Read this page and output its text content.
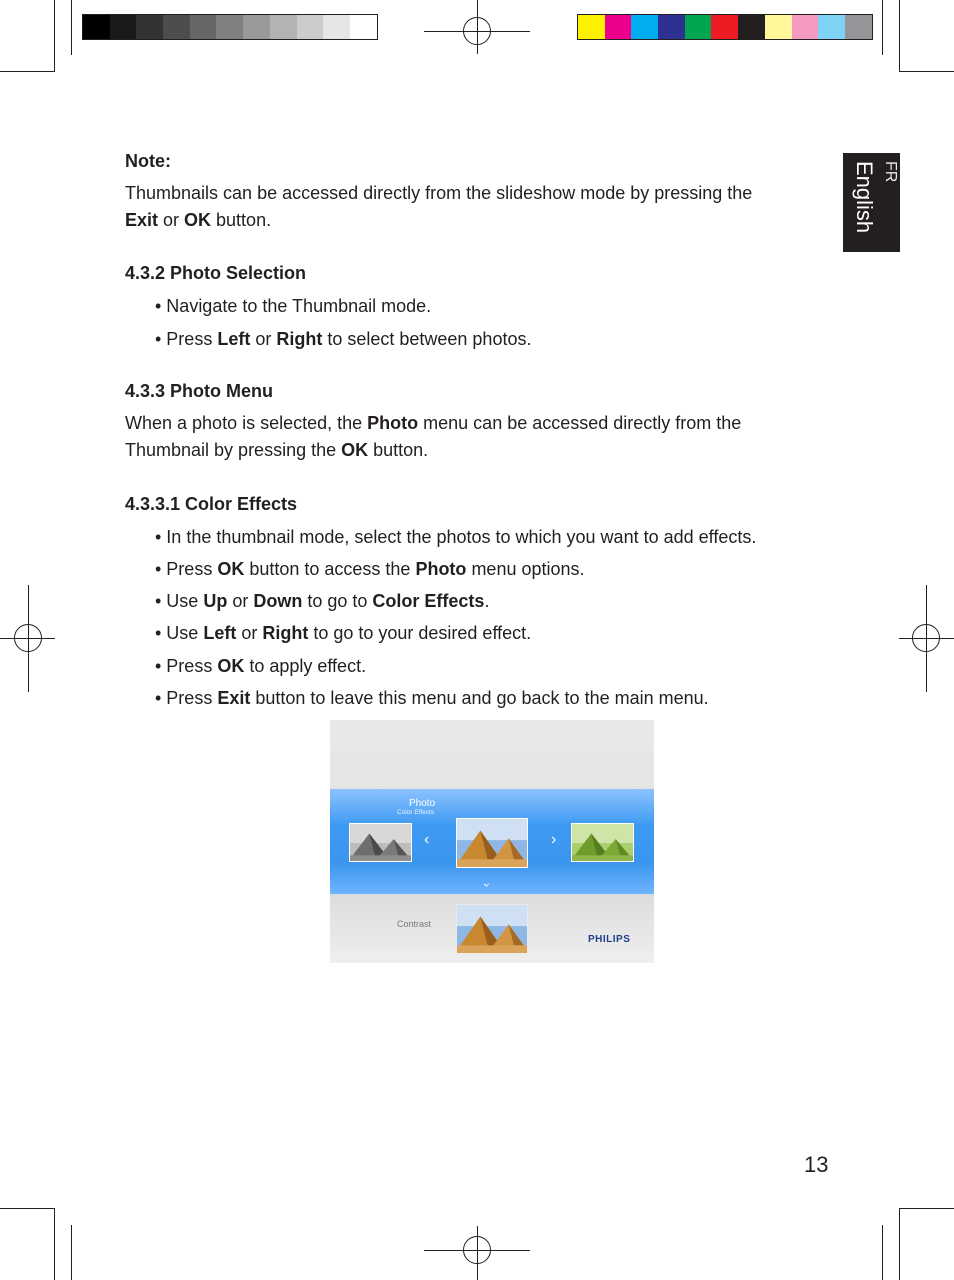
English FR
Note:
Thumbnails can be accessed directly from the slideshow mode by pressing the
Exit or OK button.
4.3.2 Photo Selection
• Navigate to the Thumbnail mode.
• Press Left or Right to select between photos.
4.3.3 Photo Menu
When a photo is selected, the Photo menu can be accessed directly from the
Thumbnail by pressing the OK button.
4.3.3.1 Color Effects
• In the thumbnail mode, select the photos to which you want to add effects.
• Press OK button to access the Photo menu options.
• Use Up or Down to go to Color Effects.
• Use Left or Right to go to your desired effect.
• Press OK to apply effect.
• Press Exit button to leave this menu and go back to the main menu.
Photo
Color Effects
‹	›
›
Contrast
PHILIPS
13
